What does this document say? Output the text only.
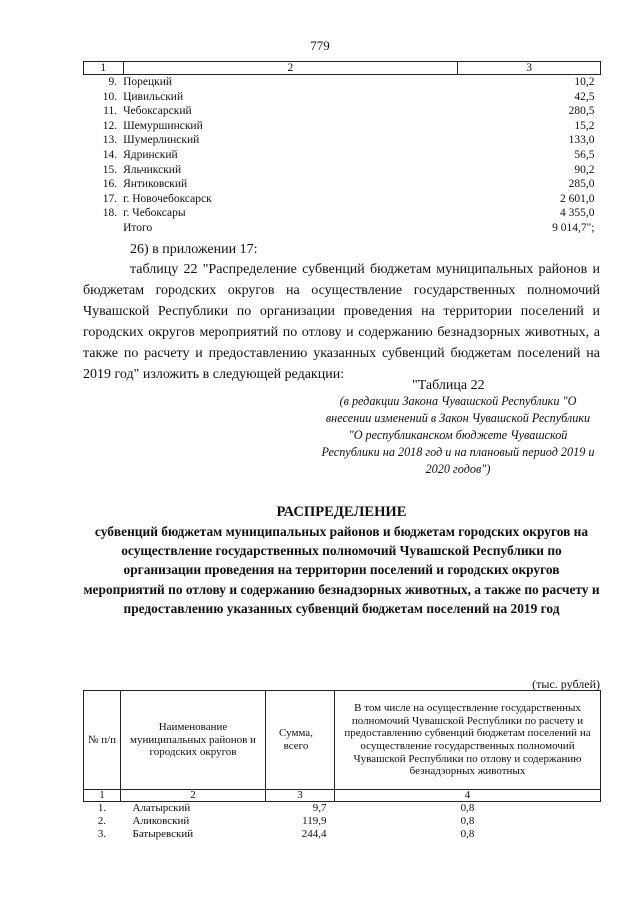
779
1	2	3
9.	Порецкий	10,2
10.	Цивильский	42,5
11.	Чебоксарский	280,5
12.	Шемуршинский	15,2
13.	Шумерлинский	133,0
14.	Ядринский	56,5
15.	Яльчикский	90,2
16.	Янтиковский	285,0
17.	г. Новочебоксарск	2 601,0
18.	г. Чебоксары	4 355,0
	Итого	9 014,7";
26) в приложении 17:
таблицу 22 "Распределение субвенций бюджетам муниципальных районов и бюджетам городских округов на осуществление государственных полномочий Чувашской Республики по организации проведения на территории поселений и городских округов мероприятий по отлову и содержанию безнадзорных животных, а также по расчету и предоставлению указанных субвенций бюджетам поселений на 2019 год" изложить в следующей редакции:
"Таблица 22
(в редакции Закона Чувашской Республики "О внесении изменений в Закон Чувашской Республики "О республиканском бюджете Чувашской Республики на 2018 год и на плановый период 2019 и 2020 годов")
РАСПРЕДЕЛЕНИЕ
субвенций бюджетам муниципальных районов и бюджетам городских округов на осуществление государственных полномочий Чувашской Республики по организации проведения на территории поселений и городских округов мероприятий по отлову и содержанию безнадзорных животных, а также по расчету и предоставлению указанных субвенций бюджетам поселений на 2019 год
(тыс. рублей)
№ п/п	Наименование муниципальных районов и городских округов	Сумма, всего	В том числе на осуществление государственных полномочий Чувашской Республики по расчету и предоставлению субвенций бюджетам поселений на осуществление государственных полномочий Чувашской Республики по отлову и содержанию безнадзорных животных
1	2	3	4
1.	Алатырский	9,7	0,8
2.	Аликовский	119,9	0,8
3.	Батыревский	244,4	0,8
